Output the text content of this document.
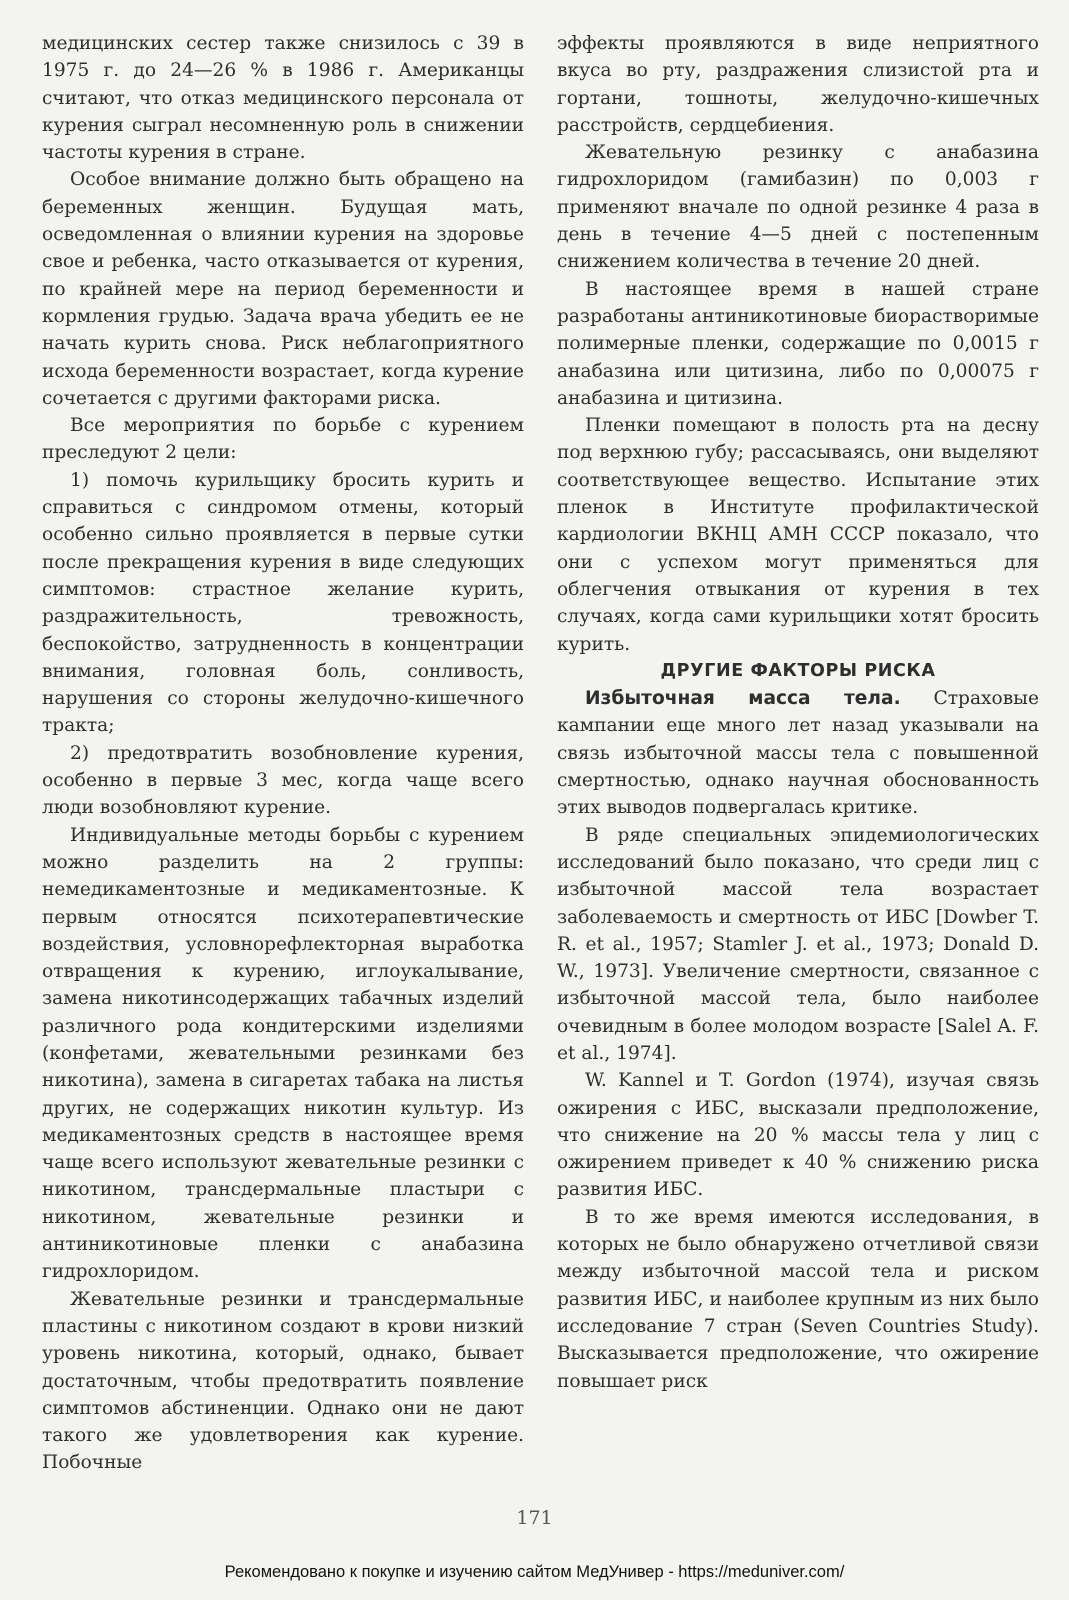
медицинских сестер также снизилось с 39 в 1975 г. до 24—26 % в 1986 г. Американцы считают, что отказ медицинского персонала от курения сыграл несомненную роль в снижении частоты курения в стране.

Особое внимание должно быть обращено на беременных женщин. Будущая мать, осведомленная о влиянии курения на здоровье свое и ребенка, часто отказывается от курения, по крайней мере на период беременности и кормления грудью. Задача врача убедить ее не начать курить снова. Риск неблагоприятного исхода беременности возрастает, когда курение сочетается с другими факторами риска.

Все мероприятия по борьбе с курением преследуют 2 цели:

1) помочь курильщику бросить курить и справиться с синдромом отмены, который особенно сильно проявляется в первые сутки после прекращения курения в виде следующих симптомов: страстное желание курить, раздражительность, тревожность, беспокойство, затрудненность в концентрации внимания, головная боль, сонливость, нарушения со стороны желудочно-кишечного тракта;

2) предотвратить возобновление курения, особенно в первые 3 мес, когда чаще всего люди возобновляют курение.

Индивидуальные методы борьбы с курением можно разделить на 2 группы: немедикаментозные и медикаментозные. К первым относятся психотерапевтические воздействия, условнорефлекторная выработка отвращения к курению, иглоукалывание, замена никотинсодержащих табачных изделий различного рода кондитерскими изделиями (конфетами, жевательными резинками без никотина), замена в сигаретах табака на листья других, не содержащих никотин культур. Из медикаментозных средств в настоящее время чаще всего используют жевательные резинки с никотином, трансдермальные пластыри с никотином, жевательные резинки и антиникотиновые пленки с анабазина гидрохлоридом.

Жевательные резинки и трансдермальные пластины с никотином создают в крови низкий уровень никотина, который, однако, бывает достаточным, чтобы предотвратить появление симптомов абстиненции. Однако они не дают такого же удовлетворения как курение. Побочные

эффекты проявляются в виде неприятного вкуса во рту, раздражения слизистой рта и гортани, тошноты, желудочно-кишечных расстройств, сердцебиения.

Жевательную резинку с анабазина гидрохлоридом (гамибазин) по 0,003 г применяют вначале по одной резинке 4 раза в день в течение 4—5 дней с постепенным снижением количества в течение 20 дней.

В настоящее время в нашей стране разработаны антиникотиновые биорастворимые полимерные пленки, содержащие по 0,0015 г анабазина или цитизина, либо по 0,00075 г анабазина и цитизина.

Пленки помещают в полость рта на десну под верхнюю губу; рассасываясь, они выделяют соответствующее вещество. Испытание этих пленок в Институте профилактической кардиологии ВКНЦ АМН СССР показало, что они с успехом могут применяться для облегчения отвыкания от курения в тех случаях, когда сами курильщики хотят бросить курить.

ДРУГИЕ ФАКТОРЫ РИСКА

Избыточная масса тела. Страховые кампании еще много лет назад указывали на связь избыточной массы тела с повышенной смертностью, однако научная обоснованность этих выводов подвергалась критике.

В ряде специальных эпидемиологических исследований было показано, что среди лиц с избыточной массой тела возрастает заболеваемость и смертность от ИБС [Dowber T. R. et al., 1957; Stamler J. et al., 1973; Donald D. W., 1973]. Увеличение смертности, связанное с избыточной массой тела, было наиболее очевидным в более молодом возрасте [Salel A. F. et al., 1974].

W. Kannel и T. Gordon (1974), изучая связь ожирения с ИБС, высказали предположение, что снижение на 20 % массы тела у лиц с ожирением приведет к 40 % снижению риска развития ИБС.

В то же время имеются исследования, в которых не было обнаружено отчетливой связи между избыточной массой тела и риском развития ИБС, и наиболее крупным из них было исследование 7 стран (Seven Countries Study). Высказывается предположение, что ожирение повышает риск

171
Рекомендовано к покупке и изучению сайтом МедУнивер - https://meduniver.com/
